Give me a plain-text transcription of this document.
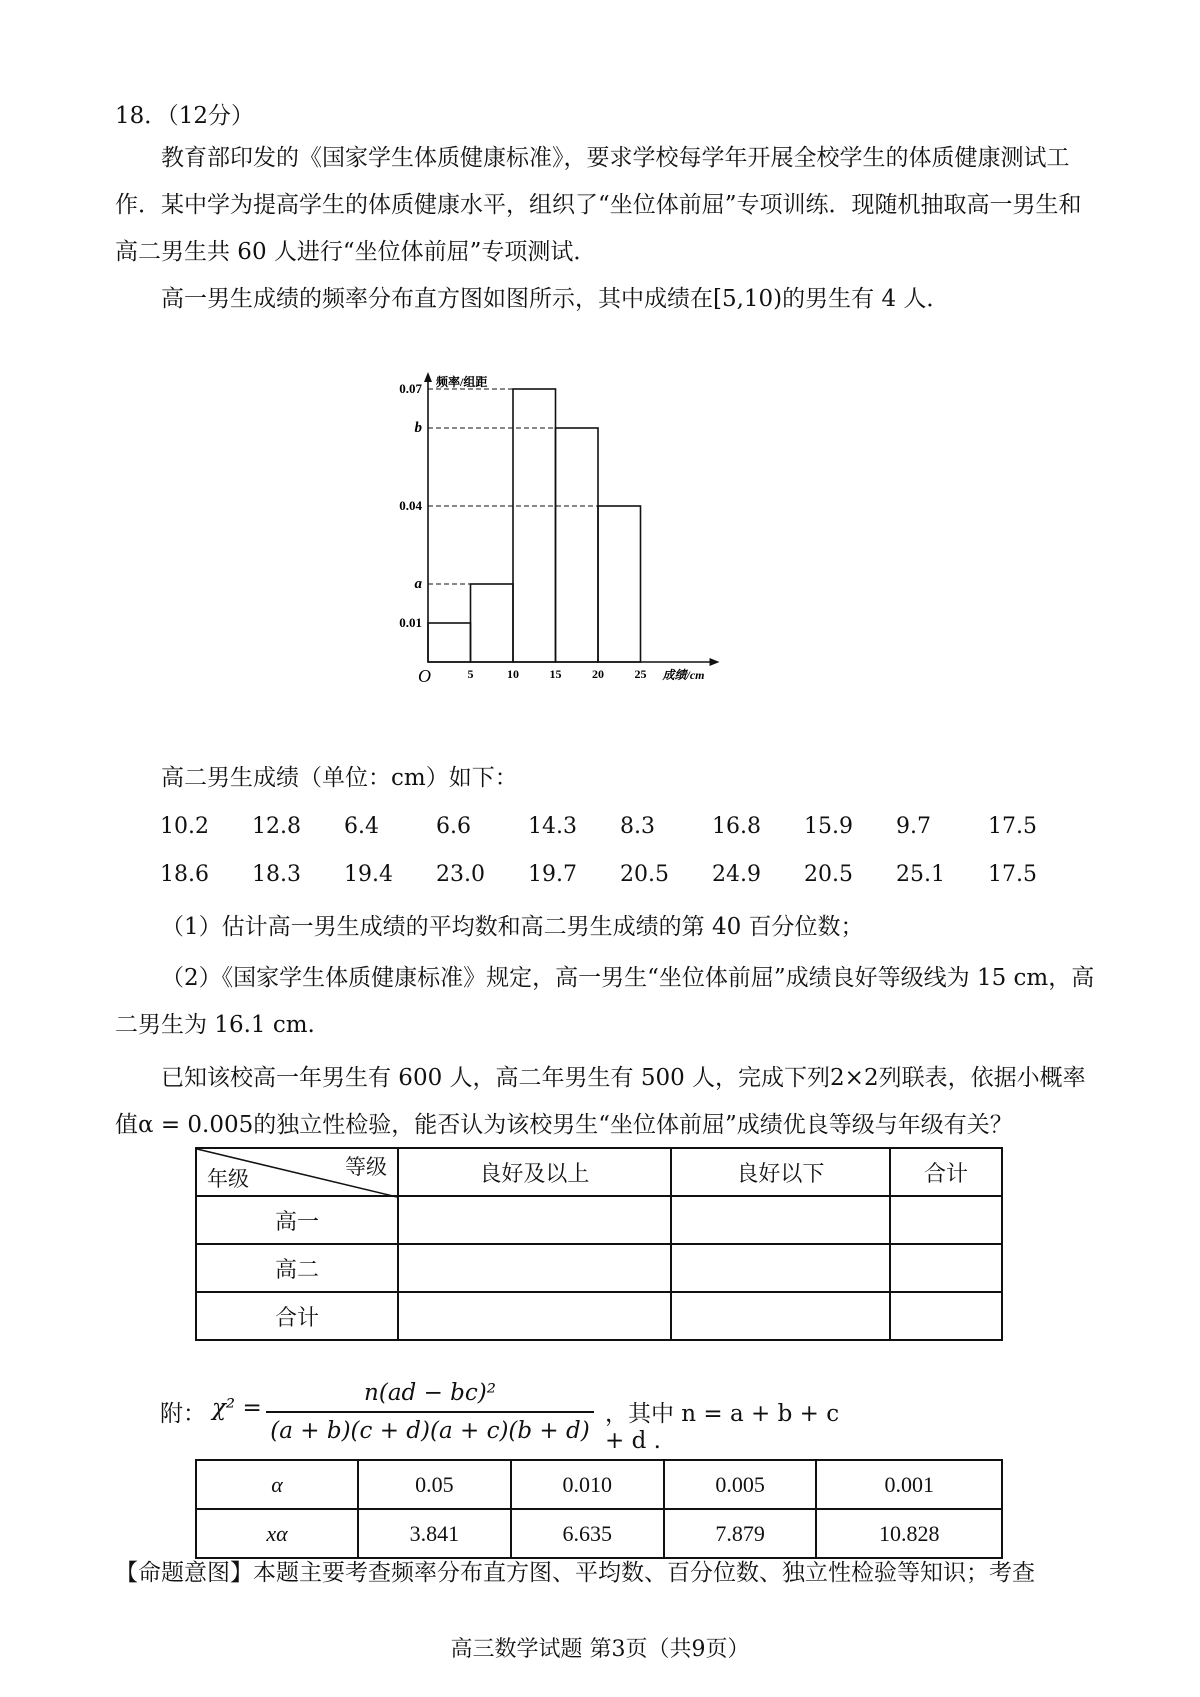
18．（12分）
教育部印发的《国家学生体质健康标准》，要求学校每学年开展全校学生的体质健康测试工作．某中学为提高学生的体质健康水平，组织了“坐位体前屈”专项训练．现随机抽取高一男生和高二男生共 60 人进行“坐位体前屈”专项测试．
高一男生成绩的频率分布直方图如图所示，其中成绩在[5,10)的男生有 4 人．
频率/组距
成绩/cm
O
0.01
a
0.04
b
0.07
5	10	15	20	25
高二男生成绩（单位：cm）如下：
10.2 12.8 6.4	6.6	14.3 8.3	16.8 15.9 9.7	17.5
18.6 18.3 19.4 23.0 19.7 20.5 24.9 20.5 25.1 17.5
（1）估计高一男生成绩的平均数和高二男生成绩的第 40 百分位数；
（2）《国家学生体质健康标准》规定，高一男生“坐位体前屈”成绩良好等级线为 15 cm，高二男生为 16.1 cm.
已知该校高一年男生有 600 人，高二年男生有 500 人，完成下列2×2列联表，依据小概率值α = 0.005的独立性检验，能否认为该校男生“坐位体前屈”成绩优良等级与年级有关？
等级
年级	良好及以上	良好以下	合计
高一			
高二			
合计			
附： χ² =
n(ad − bc)²
(a + b)(c + d)(a + c)(b + d)
，其中 n = a + b + c + d .
α	0.05	0.010	0.005	0.001
xα	3.841	6.635	7.879	10.828
【命题意图】本题主要考查频率分布直方图、平均数、百分位数、独立性检验等知识；考查
高三数学试题 第3页（共9页）
